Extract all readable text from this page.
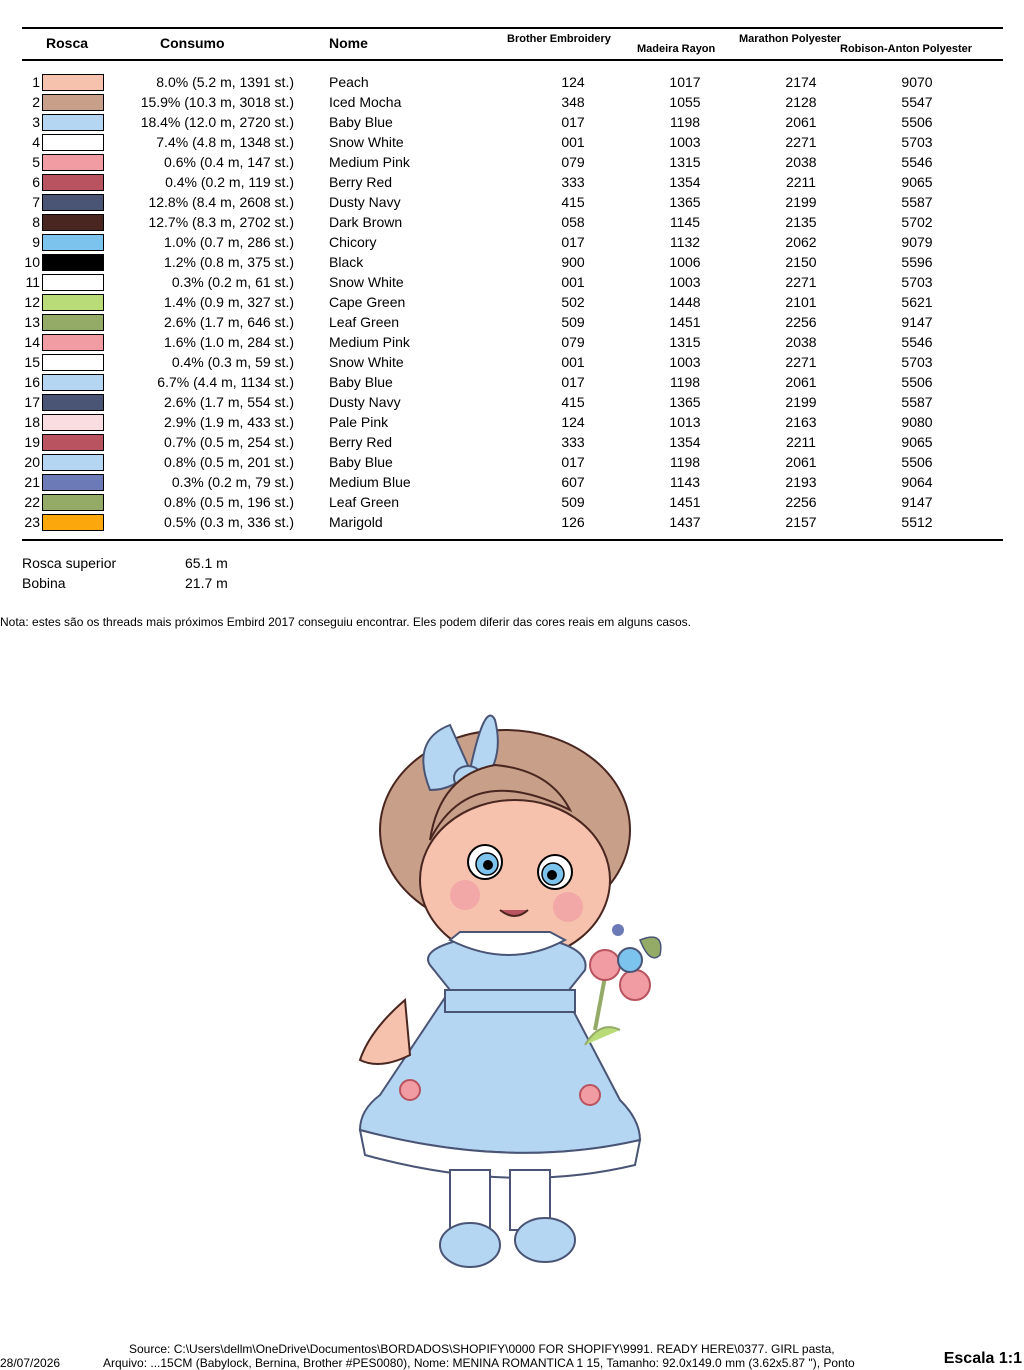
Rosca	Consumo	Nome	Brother Embroidery
Madeira Rayon
Marathon Polyester
Robison-Anton Polyester
1	8.0% (5.2 m, 1391 st.)	Peach	124	1017	2174	9070
2	15.9% (10.3 m, 3018 st.)	Iced Mocha	348	1055	2128	5547
3	18.4% (12.0 m, 2720 st.)	Baby Blue	017	1198	2061	5506
4	7.4% (4.8 m, 1348 st.)	Snow White	001	1003	2271	5703
5	0.6% (0.4 m, 147 st.)	Medium Pink	079	1315	2038	5546
6	0.4% (0.2 m, 119 st.)	Berry Red	333	1354	2211	9065
7	12.8% (8.4 m, 2608 st.)	Dusty Navy	415	1365	2199	5587
8	12.7% (8.3 m, 2702 st.)	Dark Brown	058	1145	2135	5702
9	1.0% (0.7 m, 286 st.)	Chicory	017	1132	2062	9079
10	1.2% (0.8 m, 375 st.)	Black	900	1006	2150	5596
11	0.3% (0.2 m, 61 st.)	Snow White	001	1003	2271	5703
12	1.4% (0.9 m, 327 st.)	Cape Green	502	1448	2101	5621
13	2.6% (1.7 m, 646 st.)	Leaf Green	509	1451	2256	9147
14	1.6% (1.0 m, 284 st.)	Medium Pink	079	1315	2038	5546
15	0.4% (0.3 m, 59 st.)	Snow White	001	1003	2271	5703
16	6.7% (4.4 m, 1134 st.)	Baby Blue	017	1198	2061	5506
17	2.6% (1.7 m, 554 st.)	Dusty Navy	415	1365	2199	5587
18	2.9% (1.9 m, 433 st.)	Pale Pink	124	1013	2163	9080
19	0.7% (0.5 m, 254 st.)	Berry Red	333	1354	2211	9065
20	0.8% (0.5 m, 201 st.)	Baby Blue	017	1198	2061	5506
21	0.3% (0.2 m, 79 st.)	Medium Blue	607	1143	2193	9064
22	0.8% (0.5 m, 196 st.)	Leaf Green	509	1451	2256	9147
23	0.5% (0.3 m, 336 st.)	Marigold	126	1437	2157	5512
Rosca superior	65.1 m
Bobina	21.7 m
Nota: estes são os threads mais próximos Embird 2017 conseguiu encontrar. Eles podem diferir das cores reais em alguns casos.
Source: C:\Users\dellm\OneDrive\Documentos\BORDADOS\SHOPIFY\0000 FOR SHOPIFY\9991. READY HERE\0377. GIRL pasta,
28/07/2026	Arquivo: ...15CM (Babylock, Bernina, Brother #PES0080), Nome: MENINA ROMANTICA 1 15, Tamanho: 92.0x149.0 mm (3.62x5.87 "), Ponto	Escala 1:1
